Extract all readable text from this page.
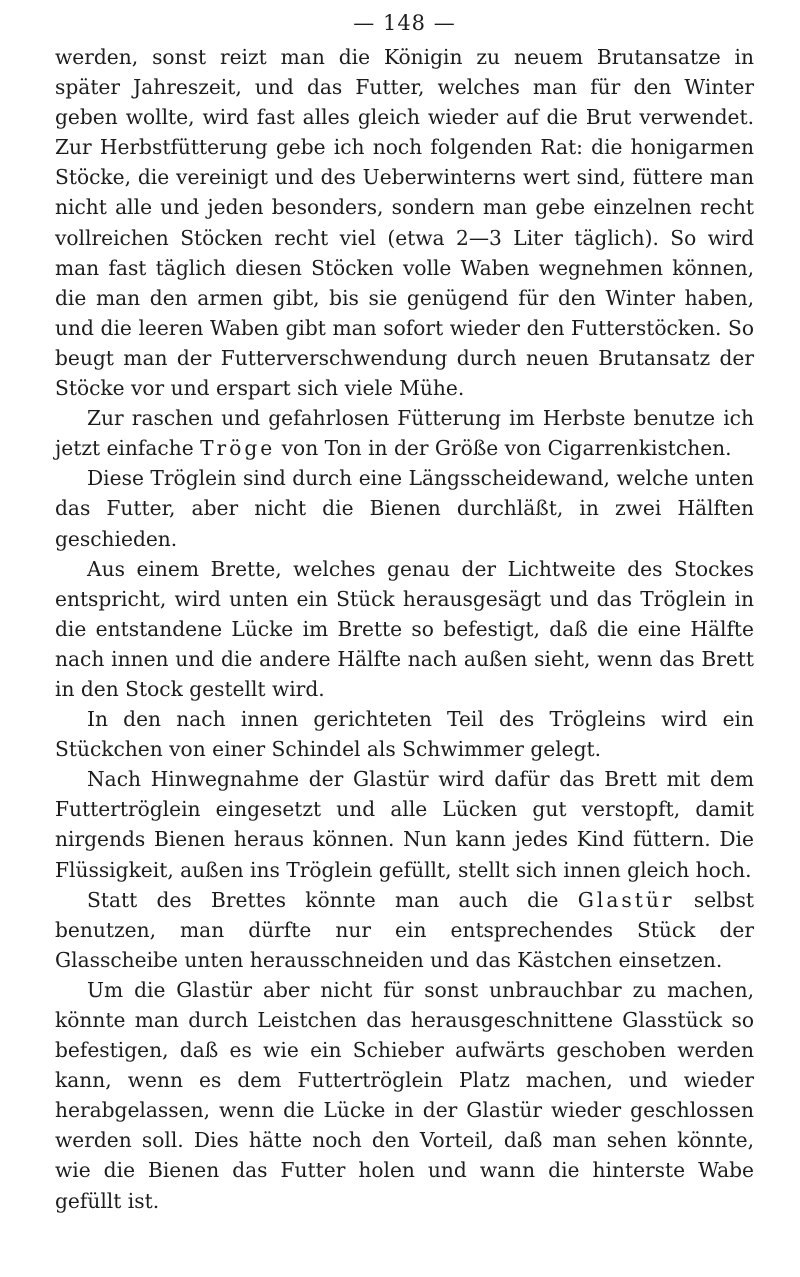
— 148 —

werden, sonst reizt man die Königin zu neuem Brutansatze in später Jahreszeit, und das Futter, welches man für den Winter geben wollte, wird fast alles gleich wieder auf die Brut verwendet. Zur Herbstfütterung gebe ich noch folgenden Rat: die honigarmen Stöcke, die vereinigt und des Ueberwinterns wert sind, füttere man nicht alle und jeden besonders, sondern man gebe einzelnen recht vollreichen Stöcken recht viel (etwa 2—3 Liter täglich). So wird man fast täglich diesen Stöcken volle Waben wegnehmen können, die man den armen gibt, bis sie genügend für den Winter haben, und die leeren Waben gibt man sofort wieder den Futterstöcken. So beugt man der Futterverschwendung durch neuen Brutansatz der Stöcke vor und erspart sich viele Mühe.

Zur raschen und gefahrlosen Fütterung im Herbste benutze ich jetzt einfache Tröge von Ton in der Größe von Cigarrenkistchen.

Diese Tröglein sind durch eine Längsscheidewand, welche unten das Futter, aber nicht die Bienen durchläßt, in zwei Hälften geschieden.

Aus einem Brette, welches genau der Lichtweite des Stockes entspricht, wird unten ein Stück herausgesägt und das Tröglein in die entstandene Lücke im Brette so befestigt, daß die eine Hälfte nach innen und die andere Hälfte nach außen sieht, wenn das Brett in den Stock gestellt wird.

In den nach innen gerichteten Teil des Trögleins wird ein Stückchen von einer Schindel als Schwimmer gelegt.

Nach Hinwegnahme der Glastür wird dafür das Brett mit dem Futtertröglein eingesetzt und alle Lücken gut verstopft, damit nirgends Bienen heraus können. Nun kann jedes Kind füttern. Die Flüssigkeit, außen ins Tröglein gefüllt, stellt sich innen gleich hoch.

Statt des Brettes könnte man auch die Glastür selbst benutzen, man dürfte nur ein entsprechendes Stück der Glasscheibe unten herausschneiden und das Kästchen einsetzen.

Um die Glastür aber nicht für sonst unbrauchbar zu machen, könnte man durch Leistchen das herausgeschnittene Glasstück so befestigen, daß es wie ein Schieber aufwärts geschoben werden kann, wenn es dem Futtertröglein Platz machen, und wieder herabgelassen, wenn die Lücke in der Glastür wieder geschlossen werden soll. Dies hätte noch den Vorteil, daß man sehen könnte, wie die Bienen das Futter holen und wann die hinterste Wabe gefüllt ist.
